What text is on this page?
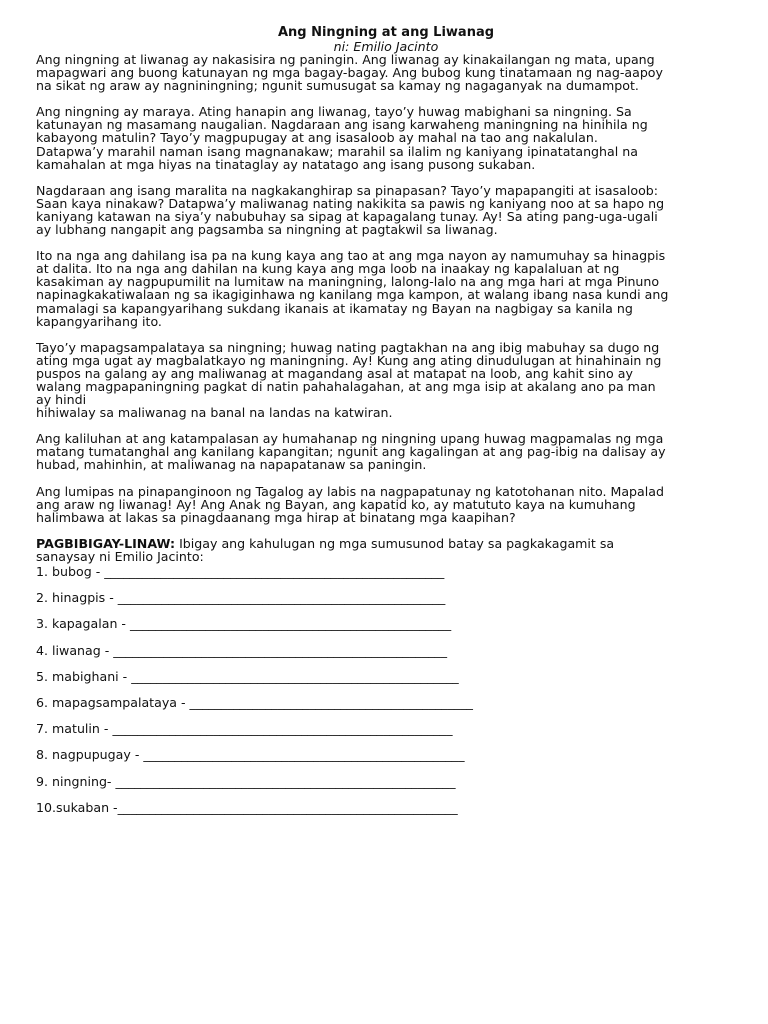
Ang Ningning at ang Liwanag
ni: Emilio Jacinto
Ang ningning at liwanag ay nakasisira ng paningin. Ang liwanag ay kinakailangan ng mata, upang
mapagwari ang buong katunayan ng mga bagay-bagay. Ang bubog kung tinatamaan ng nag-aapoy
na sikat ng araw ay nagniningning; ngunit sumusugat sa kamay ng nagaganyak na dumampot.
Ang ningning ay maraya. Ating hanapin ang liwanag, tayo’y huwag mabighani sa ningning. Sa
katunayan ng masamang naugalian. Nagdaraan ang isang karwaheng maningning na hinihila ng
kabayong matulin? Tayo’y magpupugay at ang isasaloob ay mahal na tao ang nakalulan.
Datapwa’y marahil naman isang magnanakaw; marahil sa ilalim ng kaniyang ipinatatanghal na
kamahalan at mga hiyas na tinataglay ay natatago ang isang pusong sukaban.
Nagdaraan ang isang maralita na nagkakanghirap sa pinapasan? Tayo’y mapapangiti at isasaloob:
Saan kaya ninakaw? Datapwa’y maliwanag nating nakikita sa pawis ng kaniyang noo at sa hapo ng
kaniyang katawan na siya’y nabubuhay sa sipag at kapagalang tunay. Ay! Sa ating pang-uga-ugali
ay lubhang nangapit ang pagsamba sa ningning at pagtakwil sa liwanag.
Ito na nga ang dahilang isa pa na kung kaya ang tao at ang mga nayon ay namumuhay sa hinagpis
at dalita. Ito na nga ang dahilan na kung kaya ang mga loob na inaakay ng kapalaluan at ng
kasakiman ay nagpupumilit na lumitaw na maningning, lalong-lalo na ang mga hari at mga Pinuno
napinagkakatiwalaan ng sa ikagiginhawa ng kanilang mga kampon, at walang ibang nasa kundi ang
mamalagi sa kapangyarihang sukdang ikanais at ikamatay ng Bayan na nagbigay sa kanila ng
kapangyarihang ito.
Tayo’y mapagsampalataya sa ningning; huwag nating pagtakhan na ang ibig mabuhay sa dugo ng
ating mga ugat ay magbalatkayo ng maningning. Ay! Kung ang ating dinudulugan at hinahinain ng
puspos na galang ay ang maliwanag at magandang asal at matapat na loob, ang kahit sino ay
walang magpapaningning pagkat di natin pahahalagahan, at ang mga isip at akalang ano pa man
ay hindi
hihiwalay sa maliwanag na banal na landas na katwiran.
Ang kaliluhan at ang katampalasan ay humahanap ng ningning upang huwag magpamalas ng mga
matang tumatanghal ang kanilang kapangitan; ngunit ang kagalingan at ang pag-ibig na dalisay ay
hubad, mahinhin, at maliwanag na napapatanaw sa paningin.
Ang lumipas na pinapanginoon ng Tagalog ay labis na nagpapatunay ng katotohanan nito. Mapalad
ang araw ng liwanag! Ay! Ang Anak ng Bayan, ang kapatid ko, ay matututo kaya na kumuhang
halimbawa at lakas sa pinagdaanang mga hirap at binatang mga kaapihan?
PAGBIBIGAY-LINAW: Ibigay ang kahulugan ng mga sumusunod batay sa pagkakagamit sa
sanaysay ni Emilio Jacinto:
1. bubog - ______________________________________________________
2. hinagpis - ____________________________________________________
3. kapagalan - ___________________________________________________
4. liwanag - _____________________________________________________
5. mabighani - ____________________________________________________
6. mapagsampalataya - _____________________________________________
7. matulin - ______________________________________________________
8. nagpupugay - ___________________________________________________
9. ningning- ______________________________________________________
10.sukaban -______________________________________________________
